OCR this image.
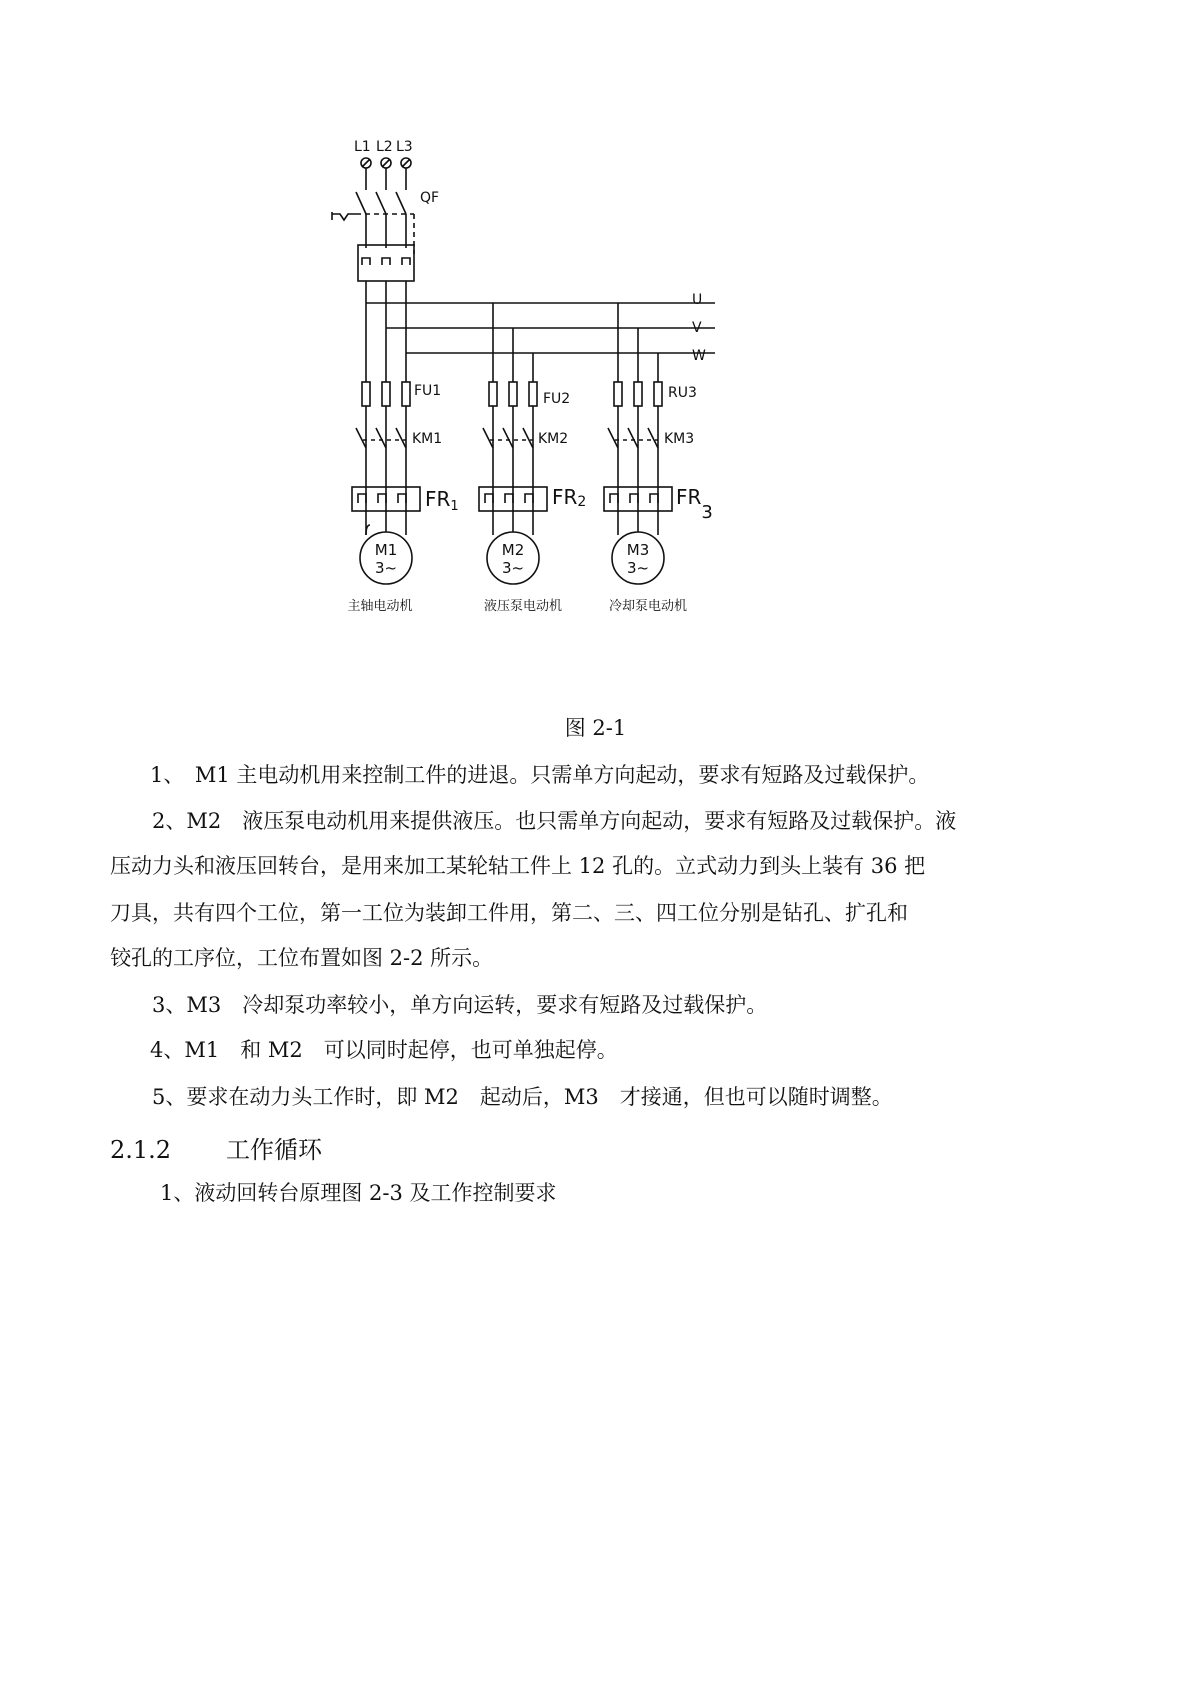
L1 L2 L3
QF
U
V
W
FU1	FU2	RU3
KM1	KM2	KM3
$FR_1$	FR2	FR3
M1
3~
M2
3~
M3
3~
主轴电动机	液压泵电动机	冷却泵电动机
图 2-1
1、　M1 主电动机用来控制工件的进退。只需单方向起动，要求有短路及过载保护。
2、M2　液压泵电动机用来提供液压。也只需单方向起动，要求有短路及过载保护。液
压动力头和液压回转台，是用来加工某轮轱工件上 12 孔的。立式动力到头上装有 36 把
刀具，共有四个工位，第一工位为装卸工件用，第二、三、四工位分别是钻孔、扩孔和
铰孔的工序位，工位布置如图 2-2 所示。
3、M3　冷却泵功率较小，单方向运转，要求有短路及过载保护。
4、M1　和 M2　可以同时起停，也可单独起停。
5、要求在动力头工作时，即 M2　起动后，M3　才接通，但也可以随时调整。
2.1.2 工作循环
1、液动回转台原理图 2-3 及工作控制要求
